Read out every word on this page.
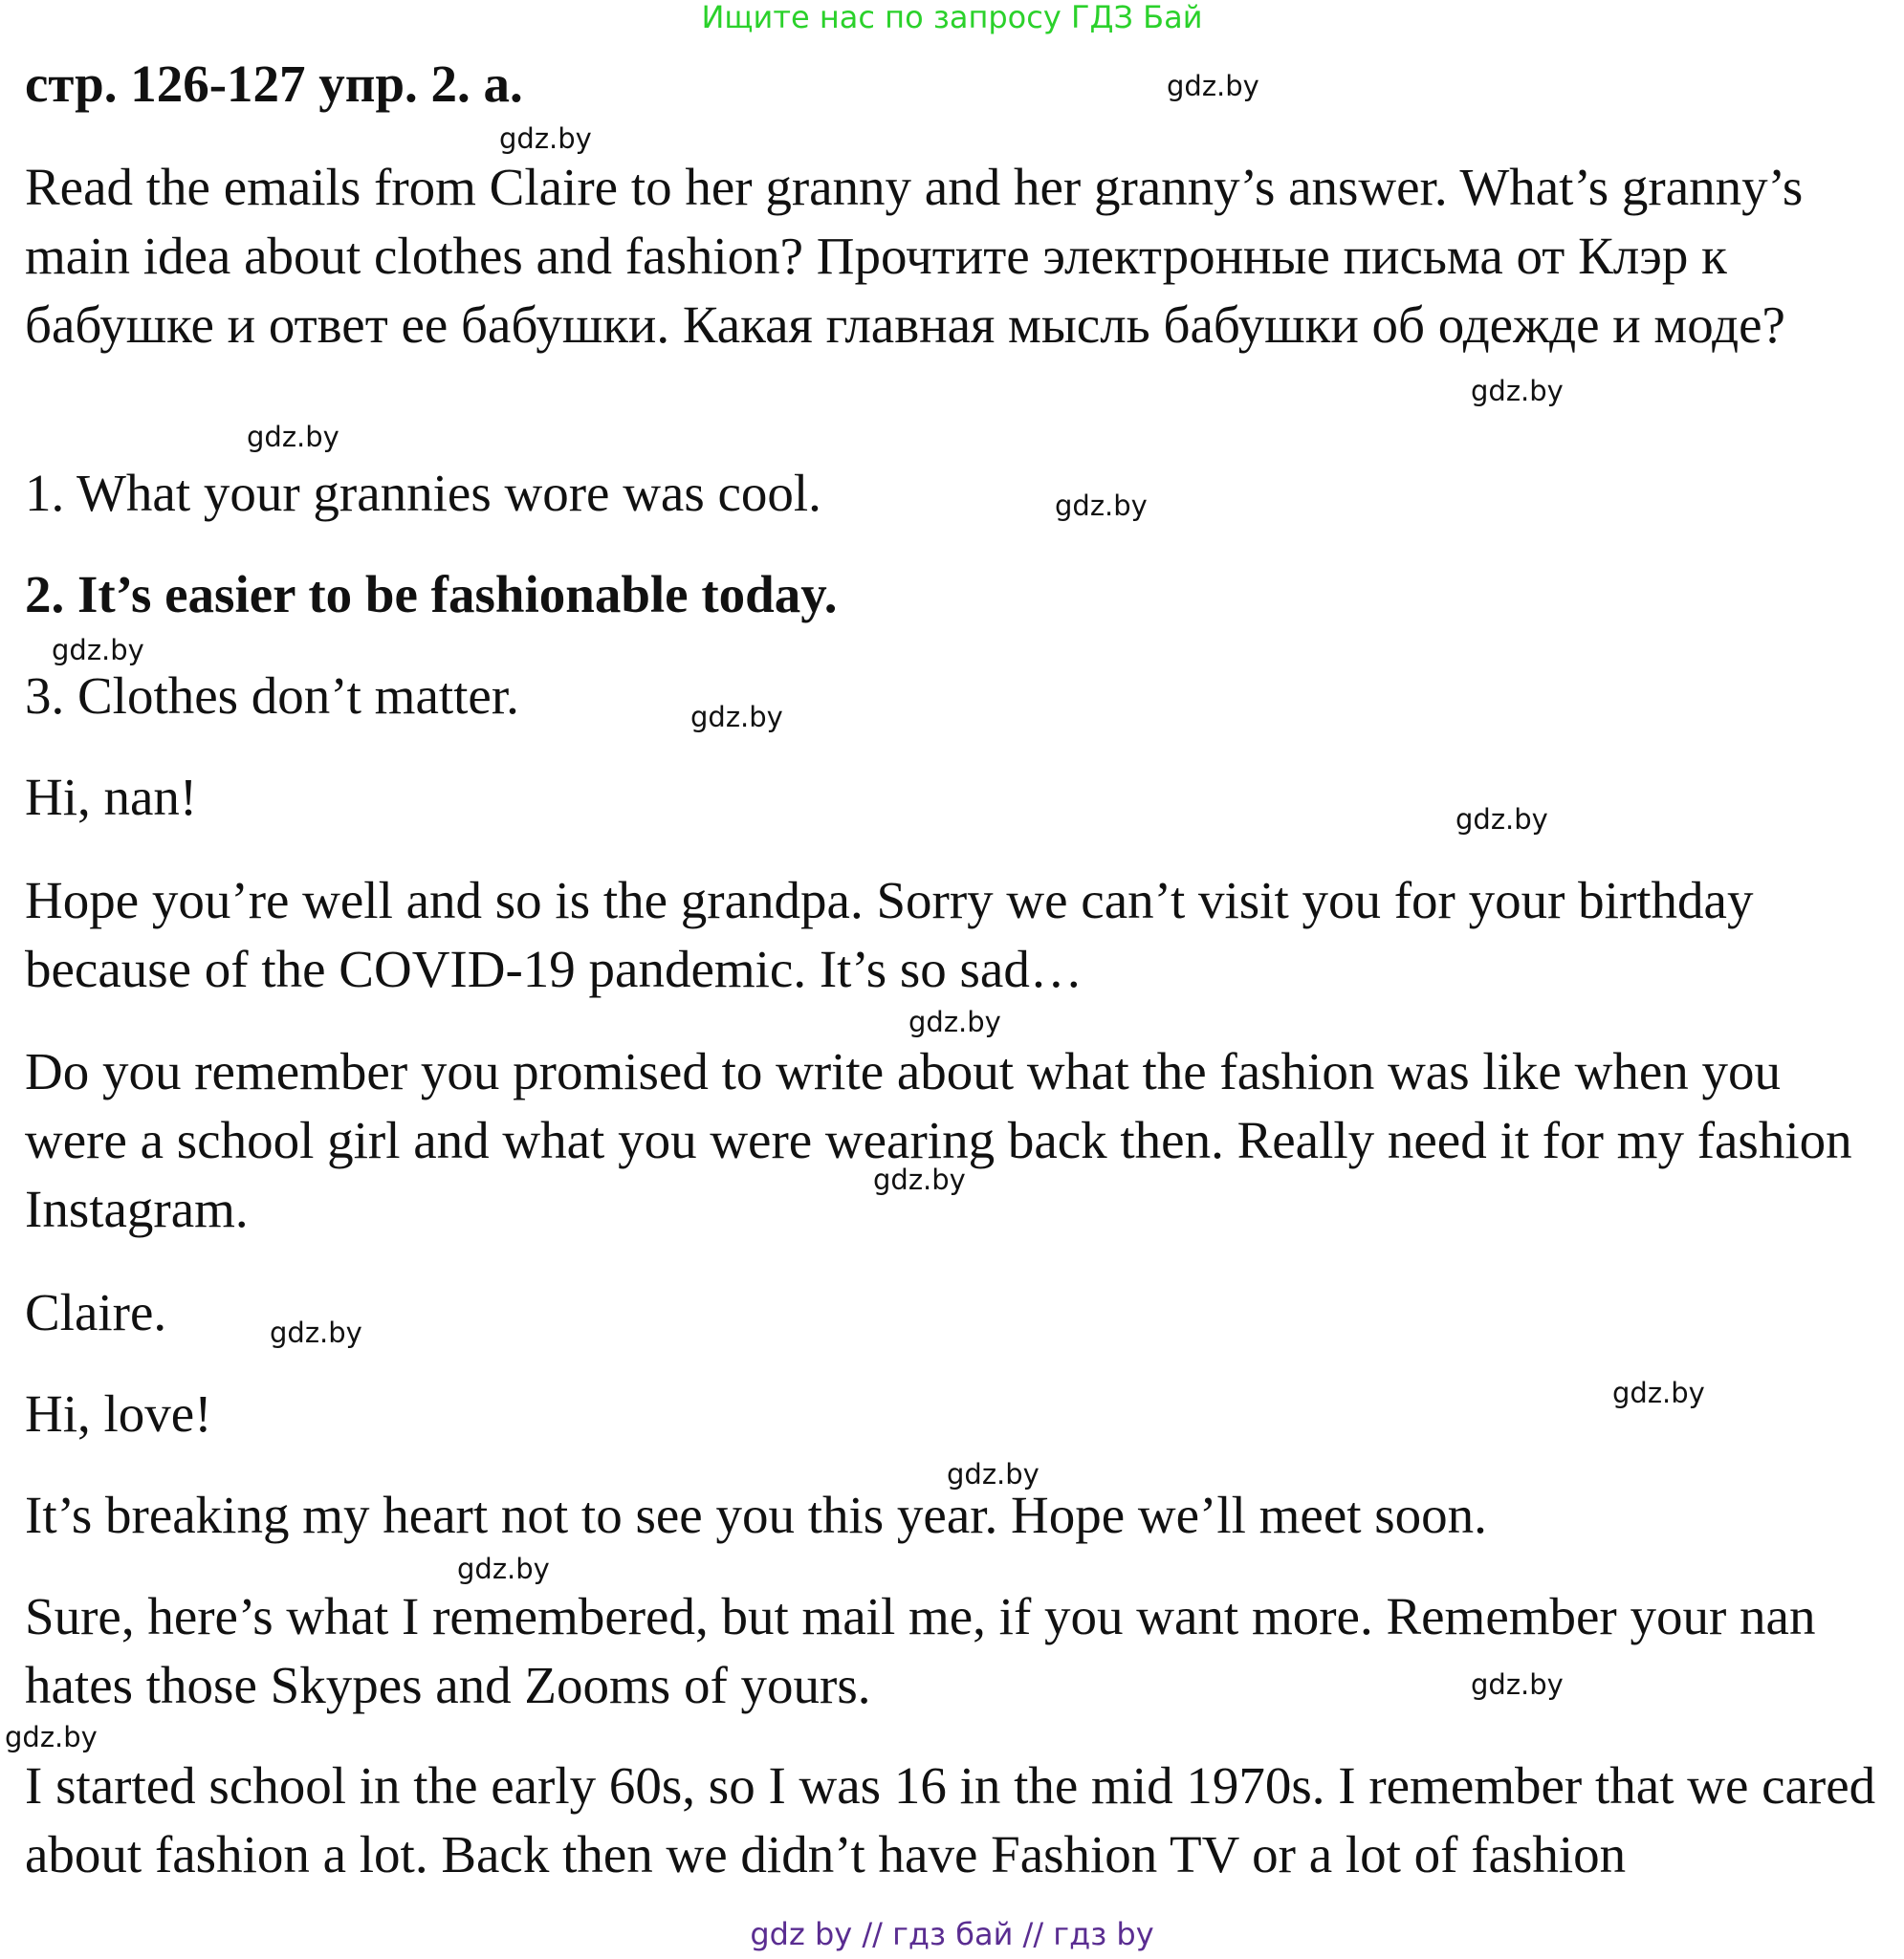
Ищите нас по запросу ГДЗ Бай
стр. 126-127 упр. 2. а.
Read the emails from Claire to her granny and her granny’s answer. What’s granny’s main idea about clothes and fashion? Прочтите электронные письма от Клэр к бабушке и ответ ее бабушки. Какая главная мысль бабушки об одежде и моде?
1. What your grannies wore was cool.
2. It’s easier to be fashionable today.
3. Clothes don’t matter.
Hi, nan!
Hope you’re well and so is the grandpa. Sorry we can’t visit you for your birthday because of the COVID-19 pandemic. It’s so sad…
Do you remember you promised to write about what the fashion was like when you were a school girl and what you were wearing back then. Really need it for my fashion Instagram.
Claire.
Hi, love!
It’s breaking my heart not to see you this year. Hope we’ll meet soon.
Sure, here’s what I remembered, but mail me, if you want more. Remember your nan hates those Skypes and Zooms of yours.
I started school in the early 60s, so I was 16 in the mid 1970s. I remember that we cared about fashion a lot. Back then we didn’t have Fashion TV or a lot of fashion
gdz.by
gdz.by
gdz.by
gdz.by
gdz.by
gdz.by
gdz.by
gdz.by
gdz.by
gdz.by
gdz.by
gdz.by
gdz.by
gdz.by
gdz.by
gdz.by
gdz by // гдз бай // гдз by
